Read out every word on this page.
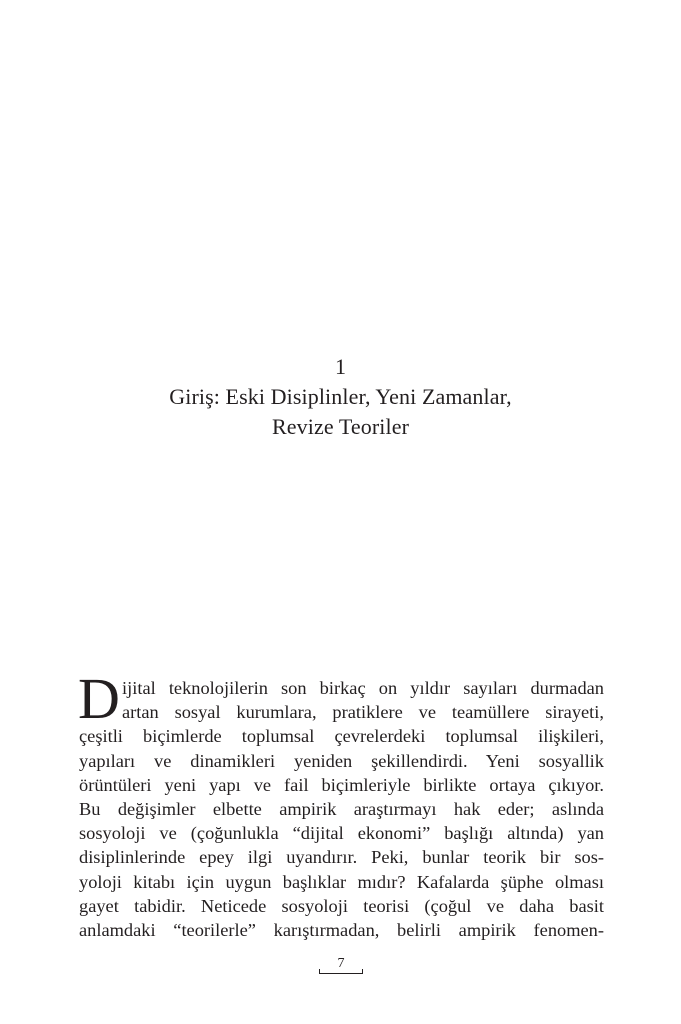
1
Giriş: Eski Disiplinler, Yeni Zamanlar,
Revize Teoriler
D ijital teknolojilerin son birkaç on yıldır sayıları durmadan
artan sosyal kurumlara, pratiklere ve teamüllere sirayeti,
çeşitli biçimlerde toplumsal çevrelerdeki toplumsal ilişkileri,
yapıları ve dinamikleri yeniden şekillendirdi. Yeni sosyallik
örüntüleri yeni yapı ve fail biçimleriyle birlikte ortaya çıkıyor.
Bu değişimler elbette ampirik araştırmayı hak eder; aslında
sosyoloji ve (çoğunlukla “dijital ekonomi” başlığı altında) yan
disiplinlerinde epey ilgi uyandırır. Peki, bunlar teorik bir sos-
yoloji kitabı için uygun başlıklar mıdır? Kafalarda şüphe olması
gayet tabidir. Neticede sosyoloji teorisi (çoğul ve daha basit
anlamdaki “teorilerle” karıştırmadan, belirli ampirik fenomen-
7
